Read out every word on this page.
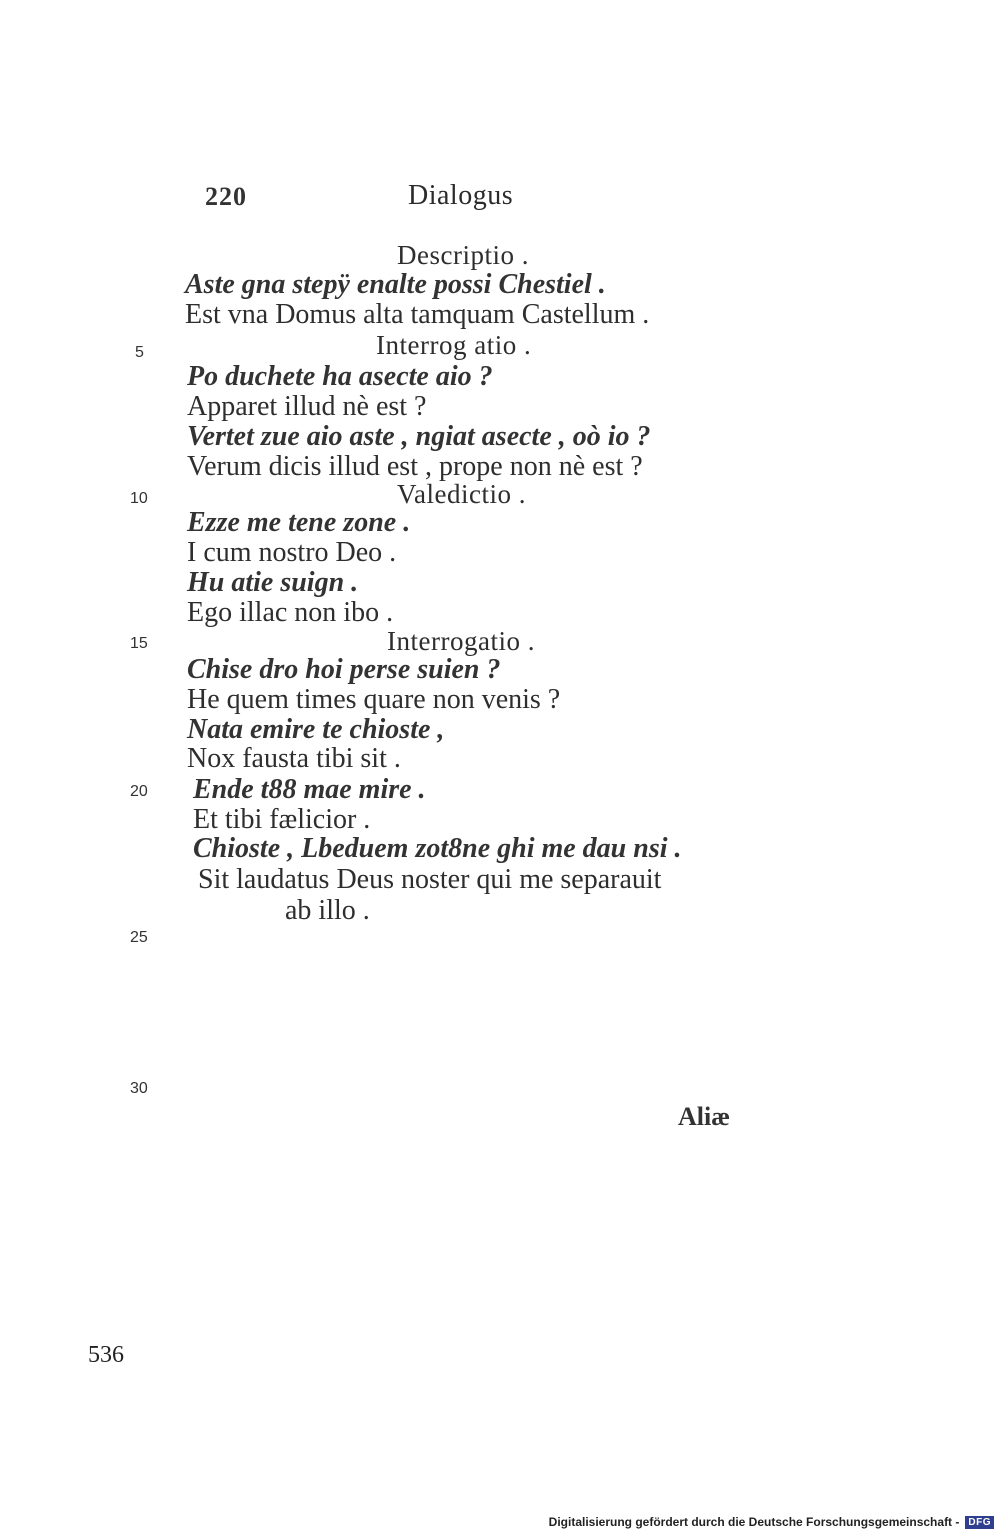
220	Dialogus
Descriptio .
Aste gna stepÿ enalte possi Chestiel .
Est vna Domus alta tamquam Castellum .
Interrog atio .
Po duchete ha asecte aio ?
Apparet illud nè est ?
Vertet zue aio aste , ngiat asecte , oò io ?
Verum dicis illud est , prope non nè est ?
Valedictio .
Ezze me tene zone .
I cum nostro Deo .
Hu atie suign .
Ego illac non ibo .
Interrogatio .
Chise dro hoi perse suien ?
He quem times quare non venis ?
Nata emire te chioste ,
Nox fausta tibi sit .
Ende t88 mae mire .
Et tibi fælicior .
Chioste , Lbeduem zot8ne ghi me dau nsi .
Sit laudatus Deus noster qui me separauit
ab illo .
5
10
15
20
25
30
Aliæ
536
Digitalisierung gefördert durch die Deutsche Forschungsgemeinschaft - DFG
